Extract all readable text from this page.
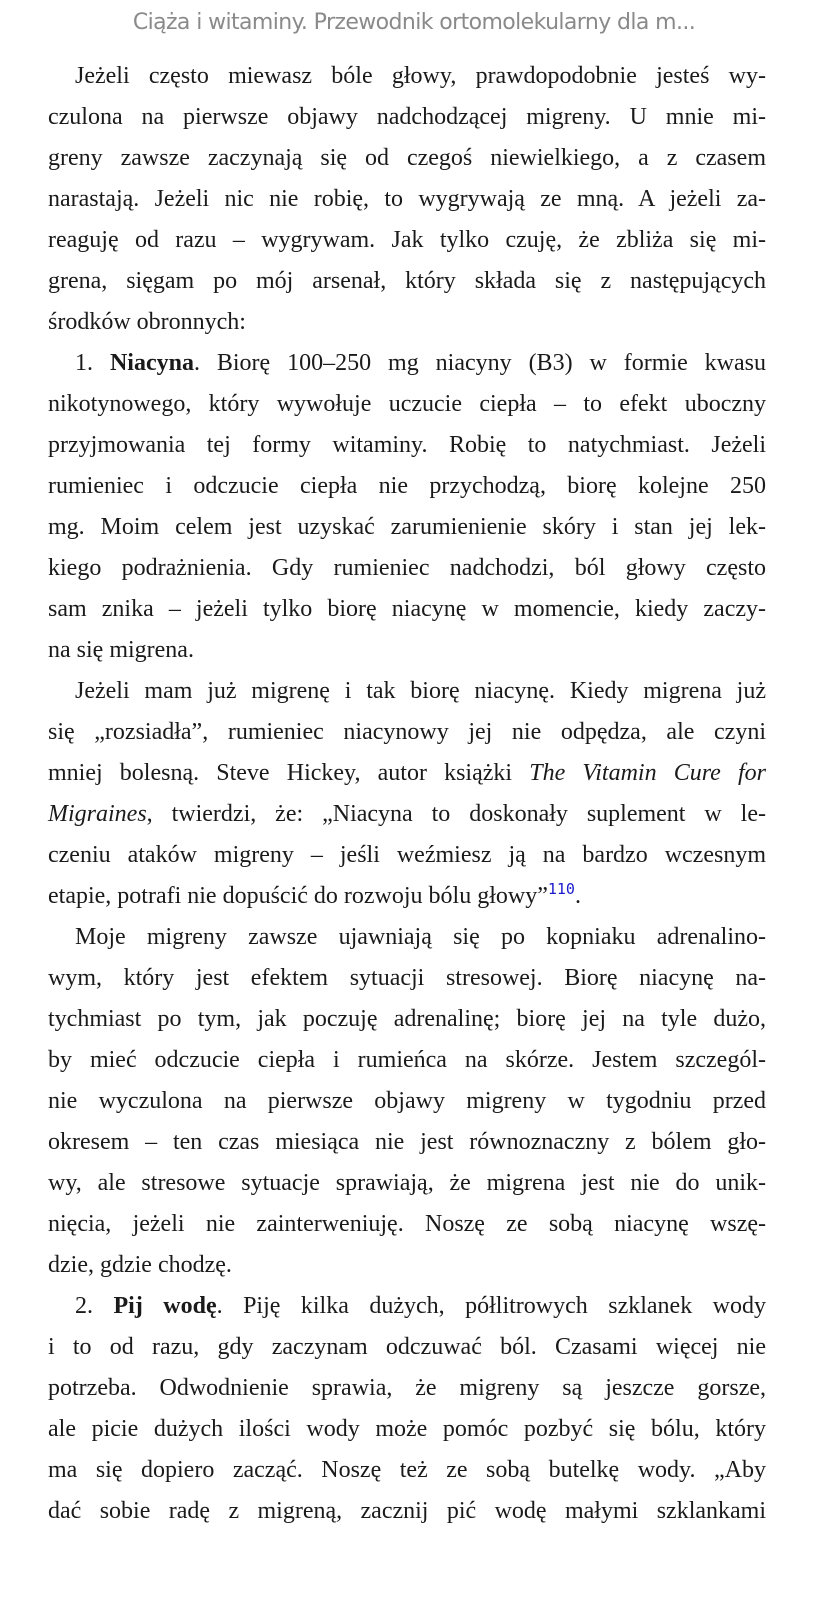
Ciąża i witaminy. Przewodnik ortomolekularny dla m...
Jeżeli często miewasz bóle głowy, prawdopodobnie jesteś wy-
czulona na pierwsze objawy nadchodzącej migreny. U mnie mi-
greny zawsze zaczynają się od czegoś niewielkiego, a z czasem
narastają. Jeżeli nic nie robię, to wygrywają ze mną. A jeżeli za-
reaguję od razu – wygrywam. Jak tylko czuję, że zbliża się mi-
grena, sięgam po mój arsenał, który składa się z następujących
środków obronnych:
1. Niacyna. Biorę 100–250 mg niacyny (B3) w formie kwasu
nikotynowego, który wywołuje uczucie ciepła – to efekt uboczny
przyjmowania tej formy witaminy. Robię to natychmiast. Jeżeli
rumieniec i odczucie ciepła nie przychodzą, biorę kolejne 250
mg. Moim celem jest uzyskać zarumienienie skóry i stan jej lek-
kiego podrażnienia. Gdy rumieniec nadchodzi, ból głowy często
sam znika – jeżeli tylko biorę niacynę w momencie, kiedy zaczy-
na się migrena.
Jeżeli mam już migrenę i tak biorę niacynę. Kiedy migrena już
się „rozsiadła”, rumieniec niacynowy jej nie odpędza, ale czyni
mniej bolesną. Steve Hickey, autor książki The Vitamin Cure for
Migraines, twierdzi, że: „Niacyna to doskonały suplement w le-
czeniu ataków migreny – jeśli weźmiesz ją na bardzo wczesnym
etapie, potrafi nie dopuścić do rozwoju bólu głowy”$^{110}$.
Moje migreny zawsze ujawniają się po kopniaku adrenalino-
wym, który jest efektem sytuacji stresowej. Biorę niacynę na-
tychmiast po tym, jak poczuję adrenalinę; biorę jej na tyle dużo,
by mieć odczucie ciepła i rumieńca na skórze. Jestem szczegól-
nie wyczulona na pierwsze objawy migreny w tygodniu przed
okresem – ten czas miesiąca nie jest równoznaczny z bólem gło-
wy, ale stresowe sytuacje sprawiają, że migrena jest nie do unik-
nięcia, jeżeli nie zainterweniuję. Noszę ze sobą niacynę wszę-
dzie, gdzie chodzę.
2. Pij wodę. Piję kilka dużych, półlitrowych szklanek wody
i to od razu, gdy zaczynam odczuwać ból. Czasami więcej nie
potrzeba. Odwodnienie sprawia, że migreny są jeszcze gorsze,
ale picie dużych ilości wody może pomóc pozbyć się bólu, który
ma się dopiero zacząć. Noszę też ze sobą butelkę wody. „Aby
dać sobie radę z migreną, zacznij pić wodę małymi szklankami
